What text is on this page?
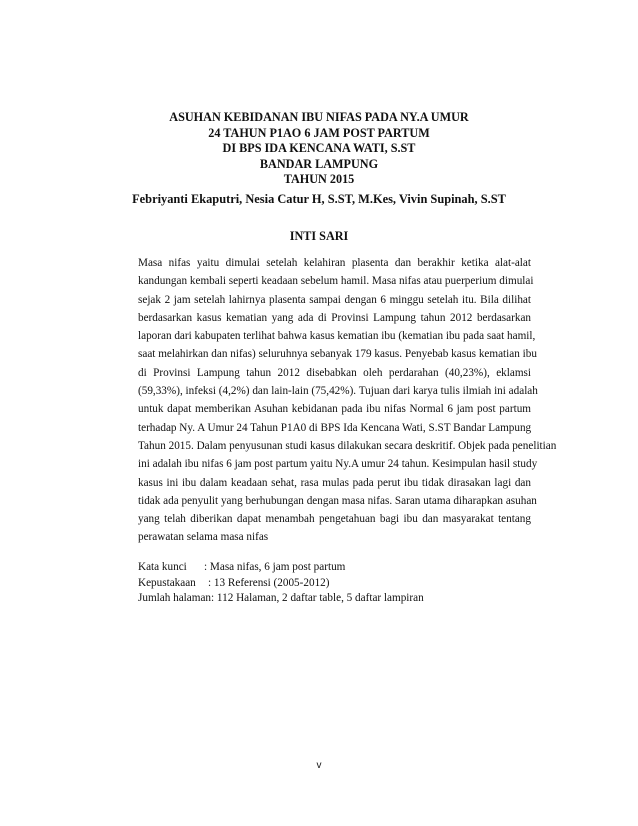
ASUHAN KEBIDANAN IBU NIFAS PADA NY.A UMUR
24 TAHUN P1AO 6 JAM POST PARTUM
DI BPS IDA KENCANA WATI, S.ST
BANDAR LAMPUNG
TAHUN 2015
Febriyanti Ekaputri, Nesia Catur H, S.ST, M.Kes, Vivin Supinah, S.ST
INTI SARI
Masa nifas yaitu dimulai setelah kelahiran plasenta dan berakhir ketika alat-alat
kandungan kembali seperti keadaan sebelum hamil. Masa nifas atau puerperium dimulai
sejak 2 jam setelah lahirnya plasenta sampai dengan 6 minggu setelah itu. Bila dilihat
berdasarkan kasus kematian yang ada di Provinsi Lampung tahun 2012 berdasarkan
laporan dari kabupaten terlihat bahwa kasus kematian ibu (kematian ibu pada saat hamil,
saat melahirkan dan nifas) seluruhnya sebanyak 179 kasus. Penyebab kasus kematian ibu
di Provinsi Lampung tahun 2012 disebabkan oleh perdarahan (40,23%), eklamsi
(59,33%), infeksi (4,2%) dan lain-lain (75,42%). Tujuan dari karya tulis ilmiah ini adalah
untuk dapat memberikan Asuhan kebidanan pada ibu nifas Normal 6 jam post partum
terhadap Ny. A Umur 24 Tahun P1A0 di BPS Ida Kencana Wati, S.ST Bandar Lampung
Tahun 2015. Dalam penyusunan studi kasus dilakukan secara deskritif. Objek pada penelitian
ini adalah ibu nifas 6 jam post partum yaitu Ny.A umur 24 tahun. Kesimpulan hasil study
kasus ini ibu dalam keadaan sehat, rasa mulas pada perut ibu tidak dirasakan lagi dan
tidak ada penyulit yang berhubungan dengan masa nifas. Saran utama diharapkan asuhan
yang telah diberikan dapat menambah pengetahuan bagi ibu dan masyarakat tentang
perawatan selama masa nifas
Kata kunci : Masa nifas, 6 jam post partum
Kepustakaan : 13 Referensi (2005-2012)
Jumlah halaman: 112 Halaman, 2 daftar table, 5 daftar lampiran
v
